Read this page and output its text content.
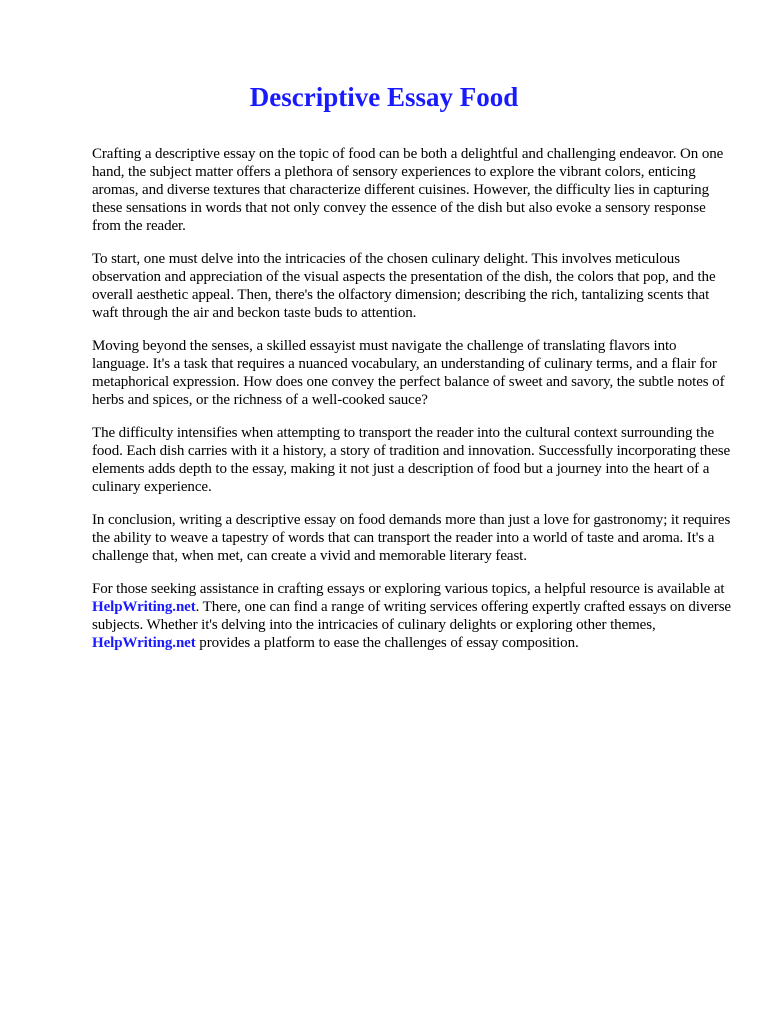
Descriptive Essay Food

Crafting a descriptive essay on the topic of food can be both a delightful and challenging endeavor. On one hand, the subject matter offers a plethora of sensory experiences to explore the vibrant colors, enticing aromas, and diverse textures that characterize different cuisines. However, the difficulty lies in capturing these sensations in words that not only convey the essence of the dish but also evoke a sensory response from the reader.

To start, one must delve into the intricacies of the chosen culinary delight. This involves meticulous observation and appreciation of the visual aspects the presentation of the dish, the colors that pop, and the overall aesthetic appeal. Then, there's the olfactory dimension; describing the rich, tantalizing scents that waft through the air and beckon taste buds to attention.

Moving beyond the senses, a skilled essayist must navigate the challenge of translating flavors into language. It's a task that requires a nuanced vocabulary, an understanding of culinary terms, and a flair for metaphorical expression. How does one convey the perfect balance of sweet and savory, the subtle notes of herbs and spices, or the richness of a well-cooked sauce?

The difficulty intensifies when attempting to transport the reader into the cultural context surrounding the food. Each dish carries with it a history, a story of tradition and innovation. Successfully incorporating these elements adds depth to the essay, making it not just a description of food but a journey into the heart of a culinary experience.

In conclusion, writing a descriptive essay on food demands more than just a love for gastronomy; it requires the ability to weave a tapestry of words that can transport the reader into a world of taste and aroma. It's a challenge that, when met, can create a vivid and memorable literary feast.

For those seeking assistance in crafting essays or exploring various topics, a helpful resource is available at HelpWriting.net. There, one can find a range of writing services offering expertly crafted essays on diverse subjects. Whether it's delving into the intricacies of culinary delights or exploring other themes, HelpWriting.net provides a platform to ease the challenges of essay composition.
